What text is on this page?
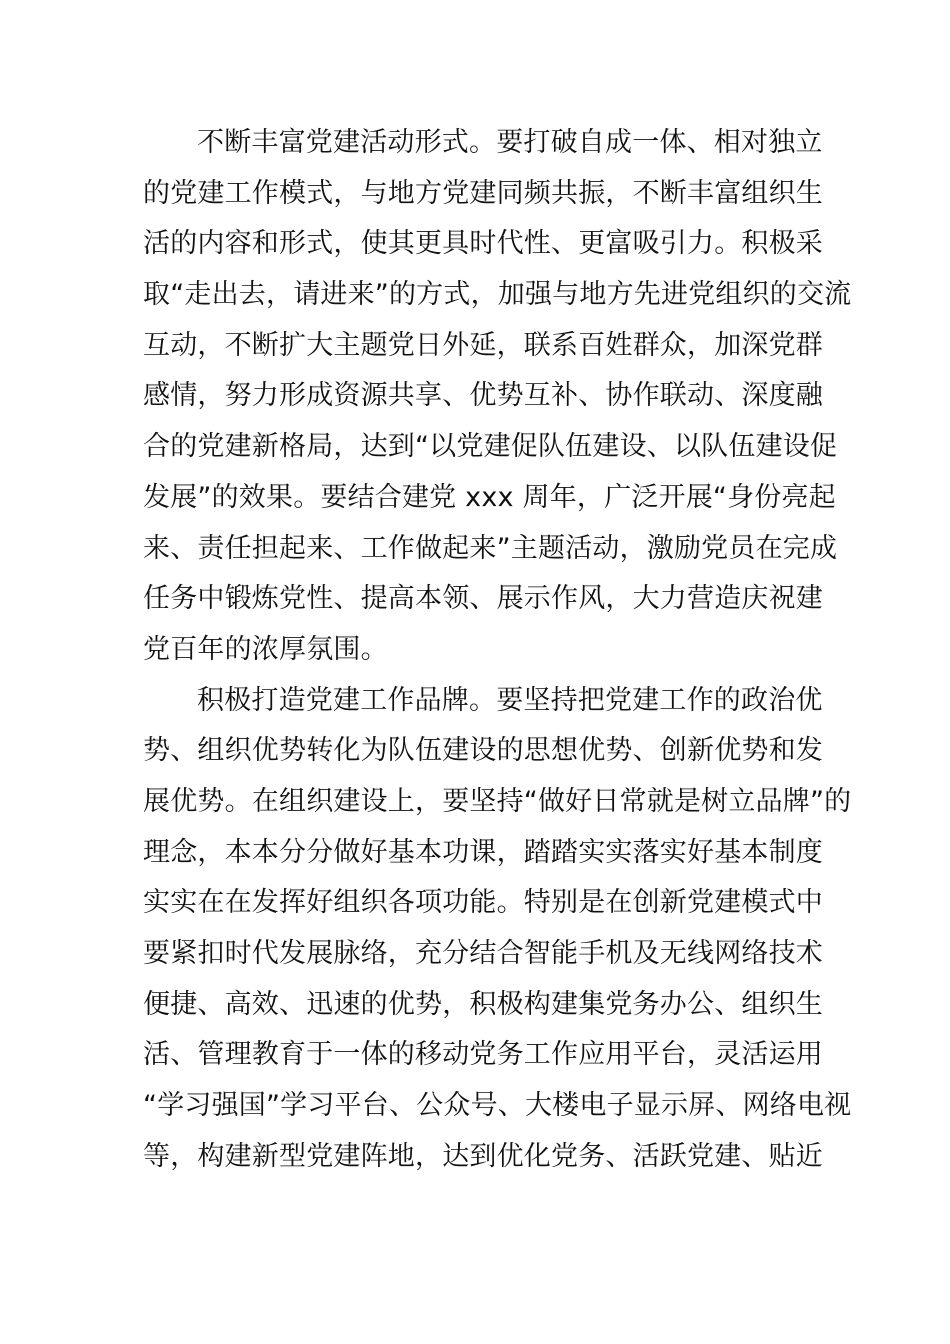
不断丰富党建活动形式。要打破自成一体、相对独立
的党建工作模式，与地方党建同频共振，不断丰富组织生
活的内容和形式，使其更具时代性、更富吸引力。积极采
取“走出去，请进来”的方式，加强与地方先进党组织的交流
互动，不断扩大主题党日外延，联系百姓群众，加深党群
感情，努力形成资源共享、优势互补、协作联动、深度融
合的党建新格局，达到“以党建促队伍建设、以队伍建设促
发展”的效果。要结合建党 xxx 周年，广泛开展“身份亮起
来、责任担起来、工作做起来”主题活动，激励党员在完成
任务中锻炼党性、提高本领、展示作风，大力营造庆祝建
党百年的浓厚氛围。
积极打造党建工作品牌。要坚持把党建工作的政治优
势、组织优势转化为队伍建设的思想优势、创新优势和发
展优势。在组织建设上，要坚持“做好日常就是树立品牌”的
理念，本本分分做好基本功课，踏踏实实落实好基本制度
实实在在发挥好组织各项功能。特别是在创新党建模式中
要紧扣时代发展脉络，充分结合智能手机及无线网络技术
便捷、高效、迅速的优势，积极构建集党务办公、组织生
活、管理教育于一体的移动党务工作应用平台，灵活运用
“学习强国”学习平台、公众号、大楼电子显示屏、网络电视
等，构建新型党建阵地，达到优化党务、活跃党建、贴近
